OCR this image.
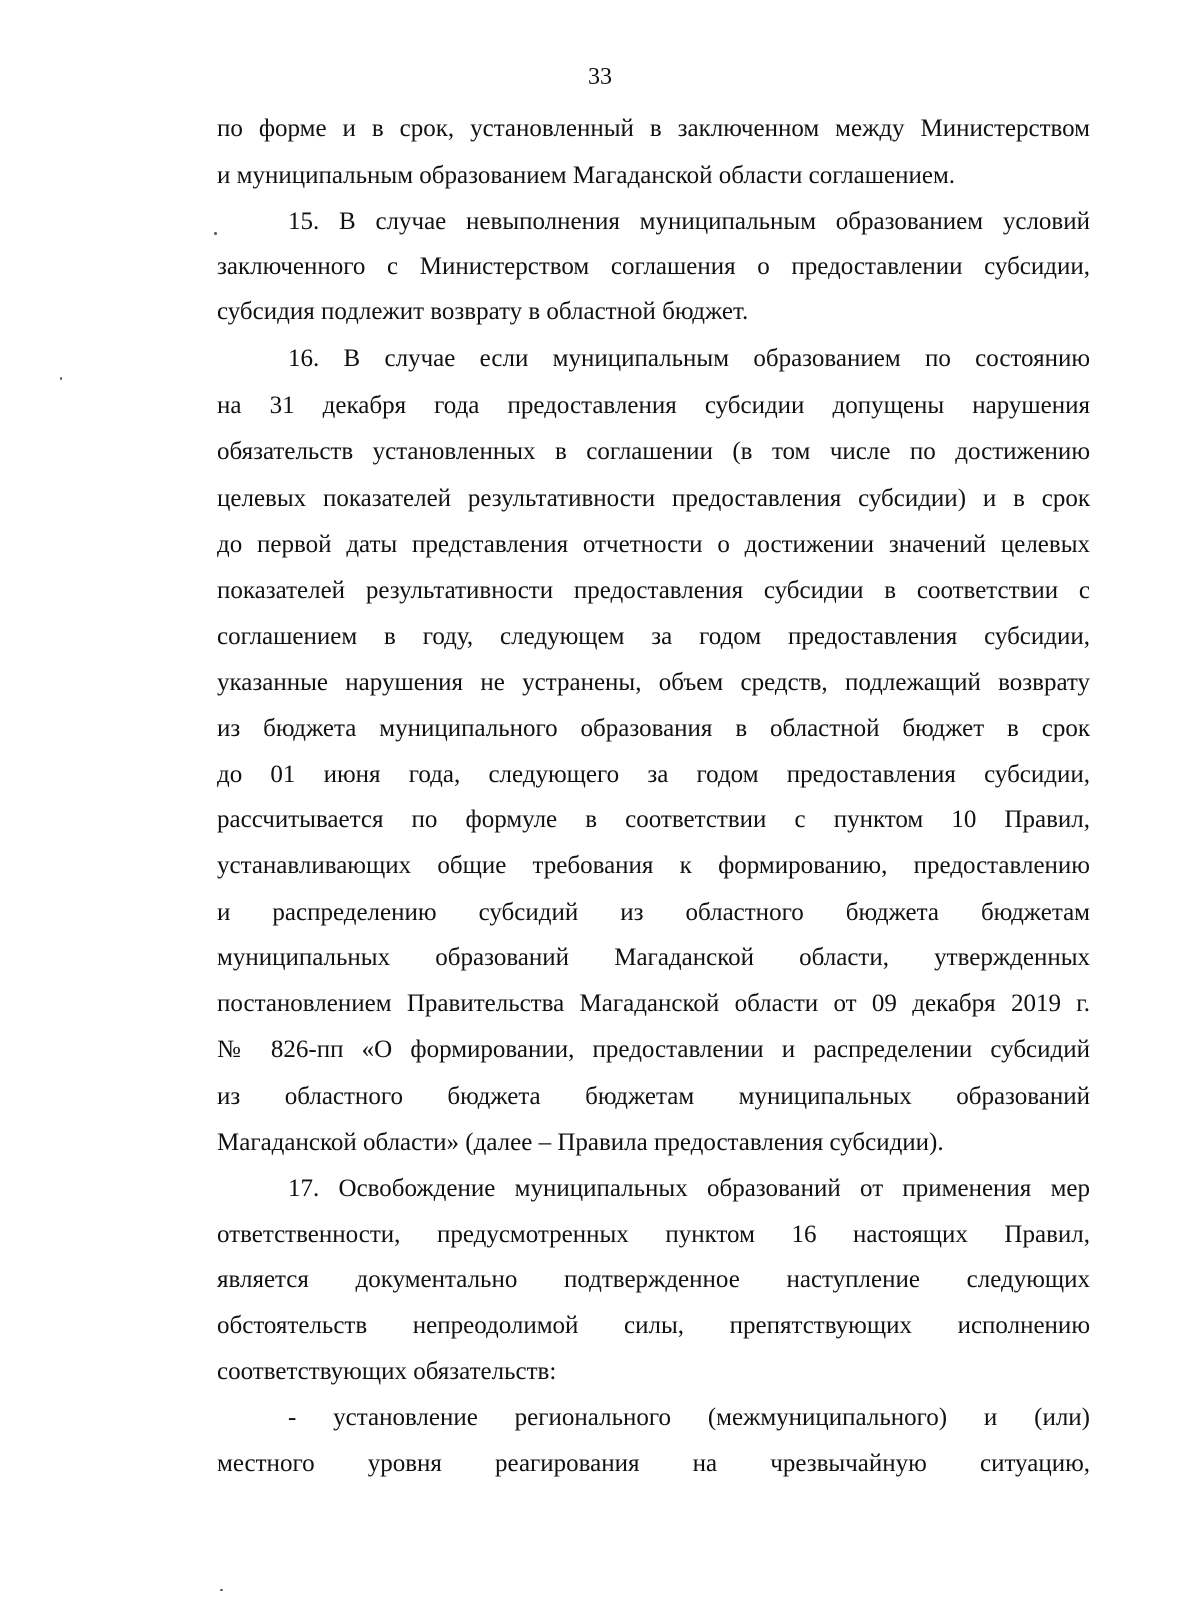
33
по форме и в срок, установленный в заключенном между Министерством
и муниципальным образованием Магаданской области соглашением.
15. В случае невыполнения муниципальным образованием условий
заключенного с Министерством соглашения о предоставлении субсидии,
субсидия подлежит возврату в областной бюджет.
16. В случае если муниципальным образованием по состоянию
на 31 декабря года предоставления субсидии допущены нарушения
обязательств установленных в соглашении (в том числе по достижению
целевых показателей результативности предоставления субсидии) и в срок
до первой даты представления отчетности о достижении значений целевых
показателей результативности предоставления субсидии в соответствии с
соглашением в году, следующем за годом предоставления субсидии,
указанные нарушения не устранены, объем средств, подлежащий возврату
из бюджета муниципального образования в областной бюджет в срок
до 01 июня года, следующего за годом предоставления субсидии,
рассчитывается по формуле в соответствии с пунктом 10 Правил,
устанавливающих общие требования к формированию, предоставлению
и распределению субсидий из областного бюджета бюджетам
муниципальных образований Магаданской области, утвержденных
постановлением Правительства Магаданской области от 09 декабря 2019 г.
№ 826-пп «О формировании, предоставлении и распределении субсидий
из областного бюджета бюджетам муниципальных образований
Магаданской области» (далее – Правила предоставления субсидии).
17. Освобождение муниципальных образований от применения мер
ответственности, предусмотренных пунктом 16 настоящих Правил,
является документально подтвержденное наступление следующих
обстоятельств непреодолимой силы, препятствующих исполнению
соответствующих обязательств:
- установление регионального (межмуниципального) и (или)
местного уровня реагирования на чрезвычайную ситуацию,
